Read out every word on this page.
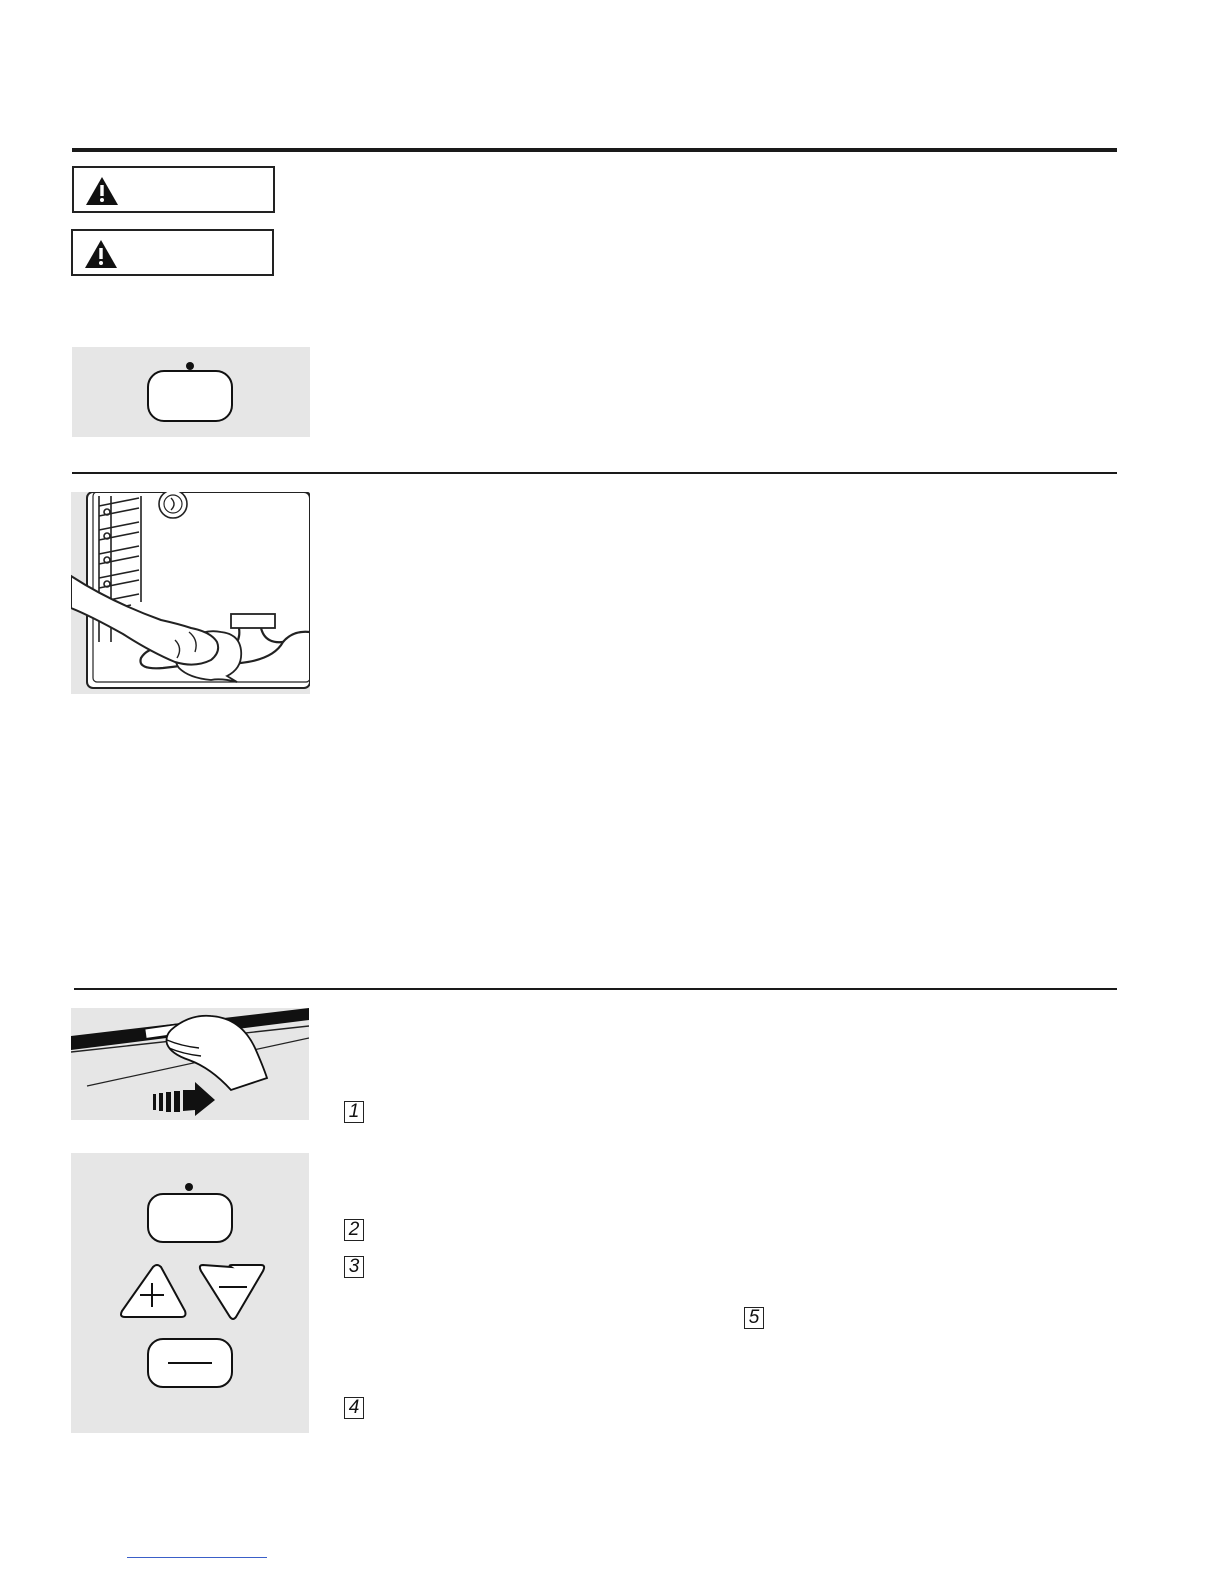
1
2
3
5
4
